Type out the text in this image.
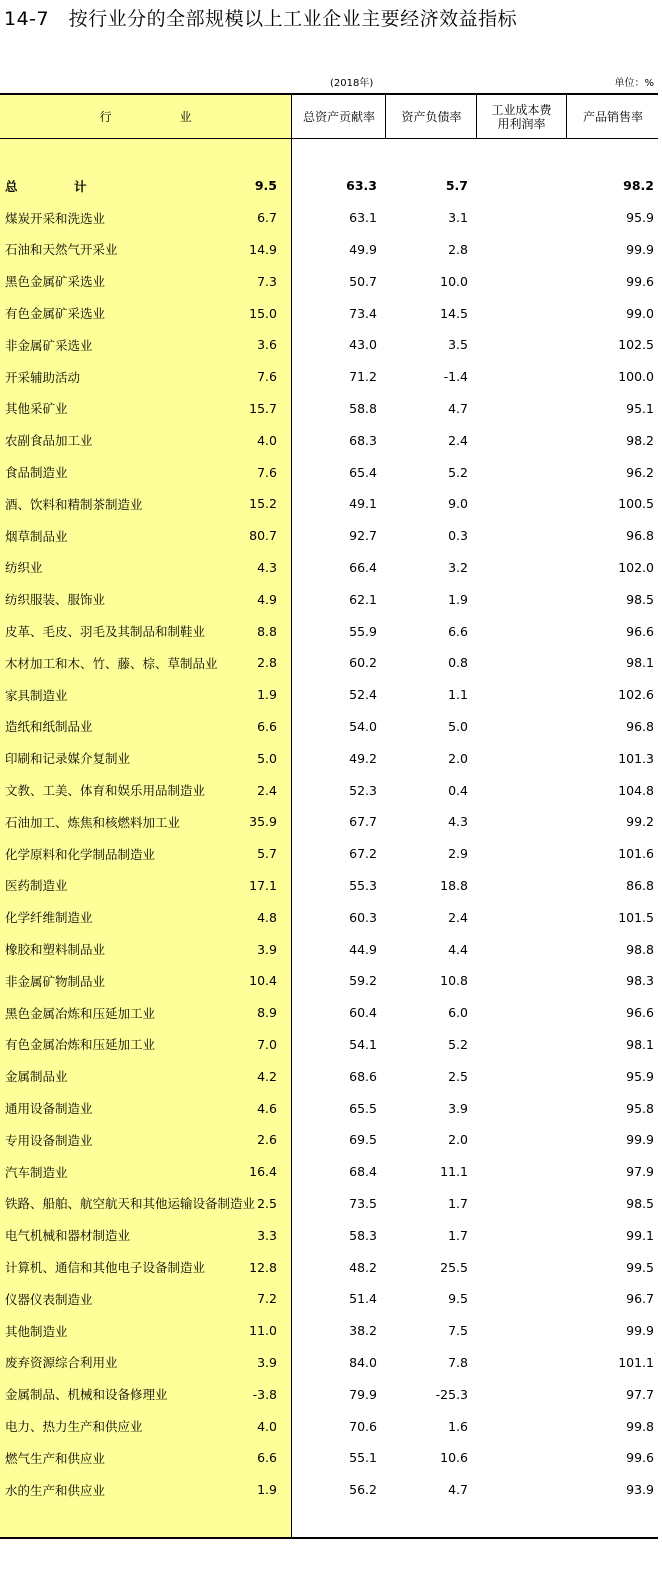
14-7　按行业分的全部规模以上工业企业主要经济效益指标
(2018年)	单位：%
行　业	总资产贡献率	资产负债率	工业成本费用利润率	产品销售率
总　计	9.5	63.3	5.7	98.2
煤炭开采和洗选业	6.7	63.1	3.1	95.9
石油和天然气开采业	14.9	49.9	2.8	99.9
黑色金属矿采选业	7.3	50.7	10.0	99.6
有色金属矿采选业	15.0	73.4	14.5	99.0
非金属矿采选业	3.6	43.0	3.5	102.5
开采辅助活动	7.6	71.2	-1.4	100.0
其他采矿业	15.7	58.8	4.7	95.1
农副食品加工业	4.0	68.3	2.4	98.2
食品制造业	7.6	65.4	5.2	96.2
酒、饮料和精制茶制造业	15.2	49.1	9.0	100.5
烟草制品业	80.7	92.7	0.3	96.8
纺织业	4.3	66.4	3.2	102.0
纺织服装、服饰业	4.9	62.1	1.9	98.5
皮革、毛皮、羽毛及其制品和制鞋业	8.8	55.9	6.6	96.6
木材加工和木、竹、藤、棕、草制品业	2.8	60.2	0.8	98.1
家具制造业	1.9	52.4	1.1	102.6
造纸和纸制品业	6.6	54.0	5.0	96.8
印刷和记录媒介复制业	5.0	49.2	2.0	101.3
文教、工美、体育和娱乐用品制造业	2.4	52.3	0.4	104.8
石油加工、炼焦和核燃料加工业	35.9	67.7	4.3	99.2
化学原料和化学制品制造业	5.7	67.2	2.9	101.6
医药制造业	17.1	55.3	18.8	86.8
化学纤维制造业	4.8	60.3	2.4	101.5
橡胶和塑料制品业	3.9	44.9	4.4	98.8
非金属矿物制品业	10.4	59.2	10.8	98.3
黑色金属冶炼和压延加工业	8.9	60.4	6.0	96.6
有色金属冶炼和压延加工业	7.0	54.1	5.2	98.1
金属制品业	4.2	68.6	2.5	95.9
通用设备制造业	4.6	65.5	3.9	95.8
专用设备制造业	2.6	69.5	2.0	99.9
汽车制造业	16.4	68.4	11.1	97.9
铁路、船舶、航空航天和其他运输设备制造业 2.5	73.5	1.7	98.5
电气机械和器材制造业	3.3	58.3	1.7	99.1
计算机、通信和其他电子设备制造业	12.8	48.2	25.5	99.5
仪器仪表制造业	7.2	51.4	9.5	96.7
其他制造业	11.0	38.2	7.5	99.9
废弃资源综合利用业	3.9	84.0	7.8	101.1
金属制品、机械和设备修理业	-3.8	79.9	-25.3	97.7
电力、热力生产和供应业	4.0	70.6	1.6	99.8
燃气生产和供应业	6.6	55.1	10.6	99.6
水的生产和供应业	1.9	56.2	4.7	93.9
